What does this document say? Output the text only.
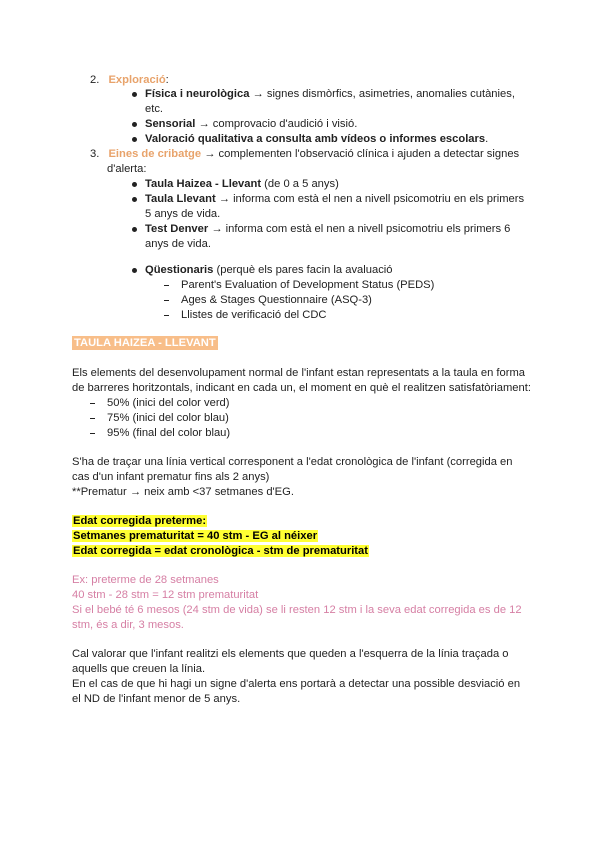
2. Exploració:
Física i neurològica → signes dismòrfics, asimetries, anomalies cutànies,
etc.
Sensorial → comprovacio d'audició i visió.
Valoració qualitativa a consulta amb vídeos o informes escolars.
3. Eines de cribatge → complementen l'observació clínica i ajuden a detectar signes
d'alerta:
Taula Haizea - Llevant (de 0 a 5 anys)
Taula Llevant → informa com està el nen a nivell psicomotriu en els primers
5 anys de vida.
Test Denver → informa com està el nen a nivell psicomotriu els primers 6
anys de vida.
Qüestionaris (perquè els pares facin la avaluació
Parent's Evaluation of Development Status (PEDS)
Ages & Stages Questionnaire (ASQ-3)
Llistes de verificació del CDC
TAULA HAIZEA - LLEVANT
Els elements del desenvolupament normal de l'infant estan representats a la taula en forma
de barreres horitzontals, indicant en cada un, el moment en què el realitzen satisfatòriament:
50% (inici del color verd)
75% (inici del color blau)
95% (final del color blau)
S'ha de traçar una línia vertical corresponent a l'edat cronològica de l'infant (corregida en
cas d'un infant prematur fins als 2 anys)
**Prematur → neix amb <37 setmanes d'EG.
Edat corregida preterme:
Setmanes prematuritat = 40 stm - EG al néixer
Edat corregida = edat cronològica - stm de prematuritat
Ex: preterme de 28 setmanes
40 stm - 28 stm = 12 stm prematuritat
Si el bebé té 6 mesos (24 stm de vida) se li resten 12 stm i la seva edat corregida es de 12
stm, és a dir, 3 mesos.
Cal valorar que l'infant realitzi els elements que queden a l'esquerra de la línia traçada o
aquells que creuen la línia.
En el cas de que hi hagi un signe d'alerta ens portarà a detectar una possible desviació en
el ND de l'infant menor de 5 anys.
